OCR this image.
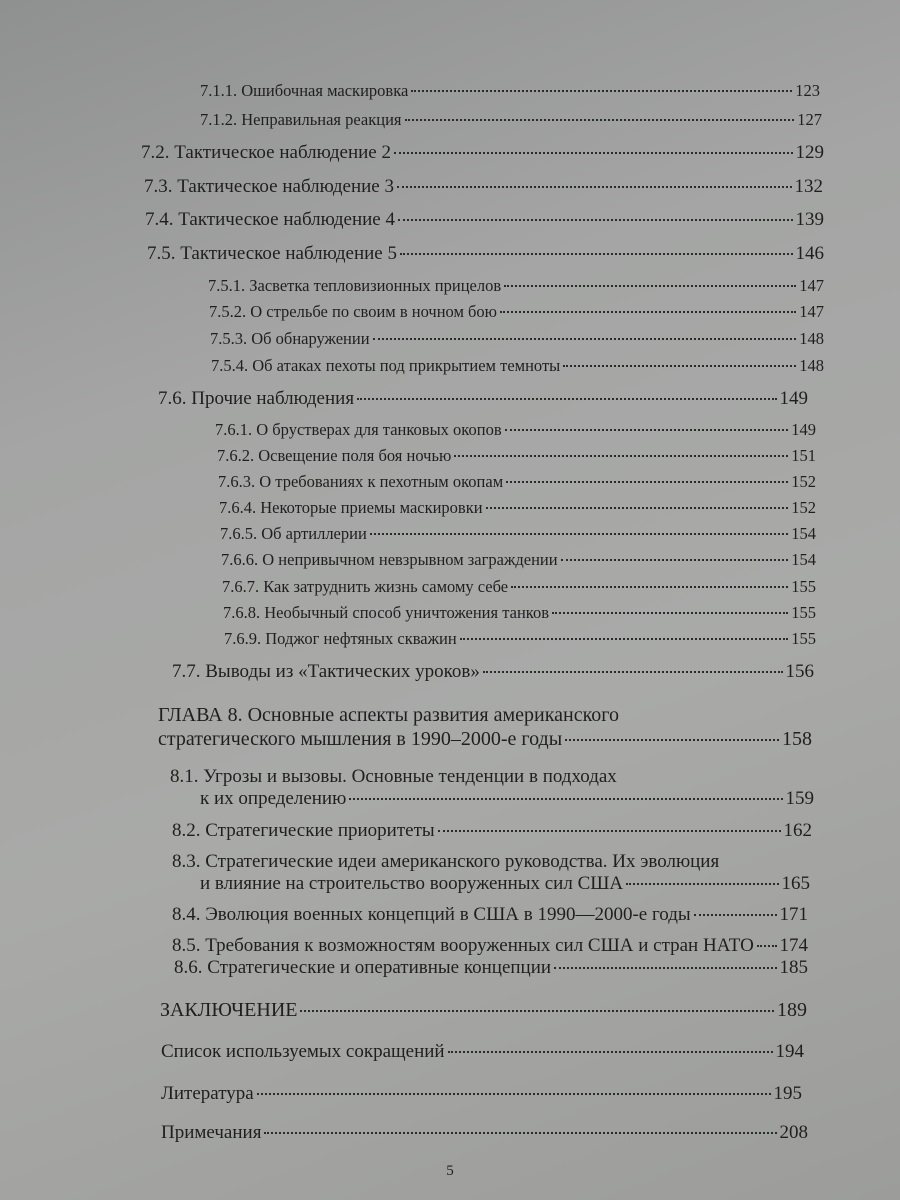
7.1.1. Ошибочная маскировка	123
7.1.2. Неправильная реакция	127
7.2. Тактическое наблюдение 2	129
7.3. Тактическое наблюдение 3	132
7.4. Тактическое наблюдение 4	139
7.5. Тактическое наблюдение 5	146
7.5.1. Засветка тепловизионных прицелов	147
7.5.2. О стрельбе по своим в ночном бою	147
7.5.3. Об обнаружении	148
7.5.4. Об атаках пехоты под прикрытием темноты	148
7.6. Прочие наблюдения	149
7.6.1. О брустверах для танковых окопов	149
7.6.2. Освещение поля боя ночью	151
7.6.3. О требованиях к пехотным окопам	152
7.6.4. Некоторые приемы маскировки	152
7.6.5. Об артиллерии	154
7.6.6. О непривычном невзрывном заграждении	154
7.6.7. Как затруднить жизнь самому себе	155
7.6.8. Необычный способ уничтожения танков	155
7.6.9. Поджог нефтяных скважин	155
7.7. Выводы из «Тактических уроков»	156
ГЛАВА 8. Основные аспекты развития американского
стратегического мышления в 1990–2000-е годы	158
8.1. Угрозы и вызовы. Основные тенденции в подходах
к их определению	159
8.2. Стратегические приоритеты	162
8.3. Стратегические идеи американского руководства. Их эволюция
и влияние на строительство вооруженных сил США	165
8.4. Эволюция военных концепций в США в 1990—2000-е годы	171
8.5. Требования к возможностям вооруженных сил США и стран НАТО 174
8.6. Стратегические и оперативные концепции	185
ЗАКЛЮЧЕНИЕ	189
Список используемых сокращений	194
Литература	195
Примечания	208
5
